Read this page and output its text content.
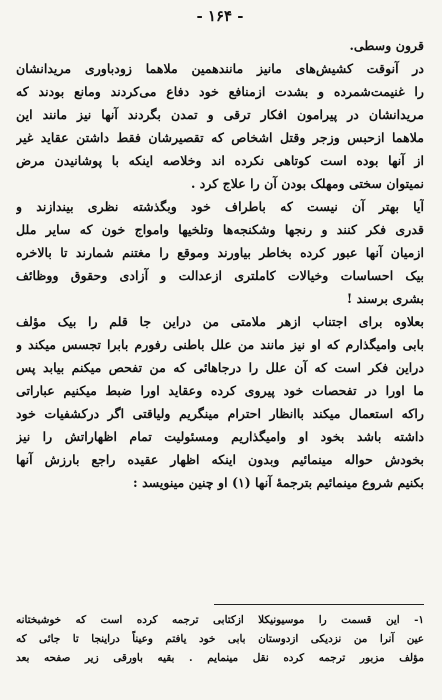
- ۱۶۴ -
قرون وسطی.
در آنوقت کشیش‌های مانیز مانندهمین ملاهما زودباوری مریدانشان
را غنیمت‌شمرده و بشدت ازمنافع خود دفاع می‌کردند ومانع بودند که
مریدانشان در پیرامون افکار ترقی و تمدن بگردند آنها نیز مانند این
ملاهما ازحبس وزجر وقتل اشخاص که تقصیرشان فقط داشتن عقاید غیر
از آنها بوده است کوتاهی نکرده اند وخلاصه اینکه با پوشانیدن مرض
نمیتوان سختی ومهلک بودن آن را علاج کرد .
آیا بهتر آن نیست که باطراف خود وبگذشته نظری بیندازند و
قدری فکر کنند و رنجها وشکنجه‌ها وتلخیها وامواج خون که سایر ملل
ازمیان آنها عبور کرده بخاطر بیاورند وموقع را مغتنم شمارند تا بالاخره
بیک احساسات وخیالات کاملتری ازعدالت و آزادی وحقوق ووظائف
بشری برسند !
بعلاوه برای اجتناب ازهر ملامتی من دراین جا قلم را بیک مؤلف
بابی وامیگذارم که او نیز مانند من علل باطنی رفورم بابرا تجسس میکند و
دراین فکر است که آن علل را درجاهائی که من تفحص میکنم بیابد پس
ما اورا در تفحصات خود پیروی کرده وعقاید اورا ضبط میکنیم عباراتی
راکه استعمال میکند باانظار احترام مینگریم ولیاقتی اگر درکشفیات خود
داشته باشد بخود او وامیگذاریم ومسئولیت تمام اظهاراتش را نیز
بخودش حواله مینمائیم وبدون اینکه اظهار عقیده راجع بارزش آنها
بکنیم شروع مینمائیم بترجمهٔ آنها (۱) او چنین مینویسد :
۱- این قسمت را موسیونیکلا ازکتابی ترجمه کرده است که خوشبختانه
عین آنرا من نزدیکی ازدوستان بابی خود یافتم وعیناً دراینجا تا جائی که
مؤلف مزبور ترجمه کرده نقل مینمایم . بقیه باورقی زیر صفحه بعد
